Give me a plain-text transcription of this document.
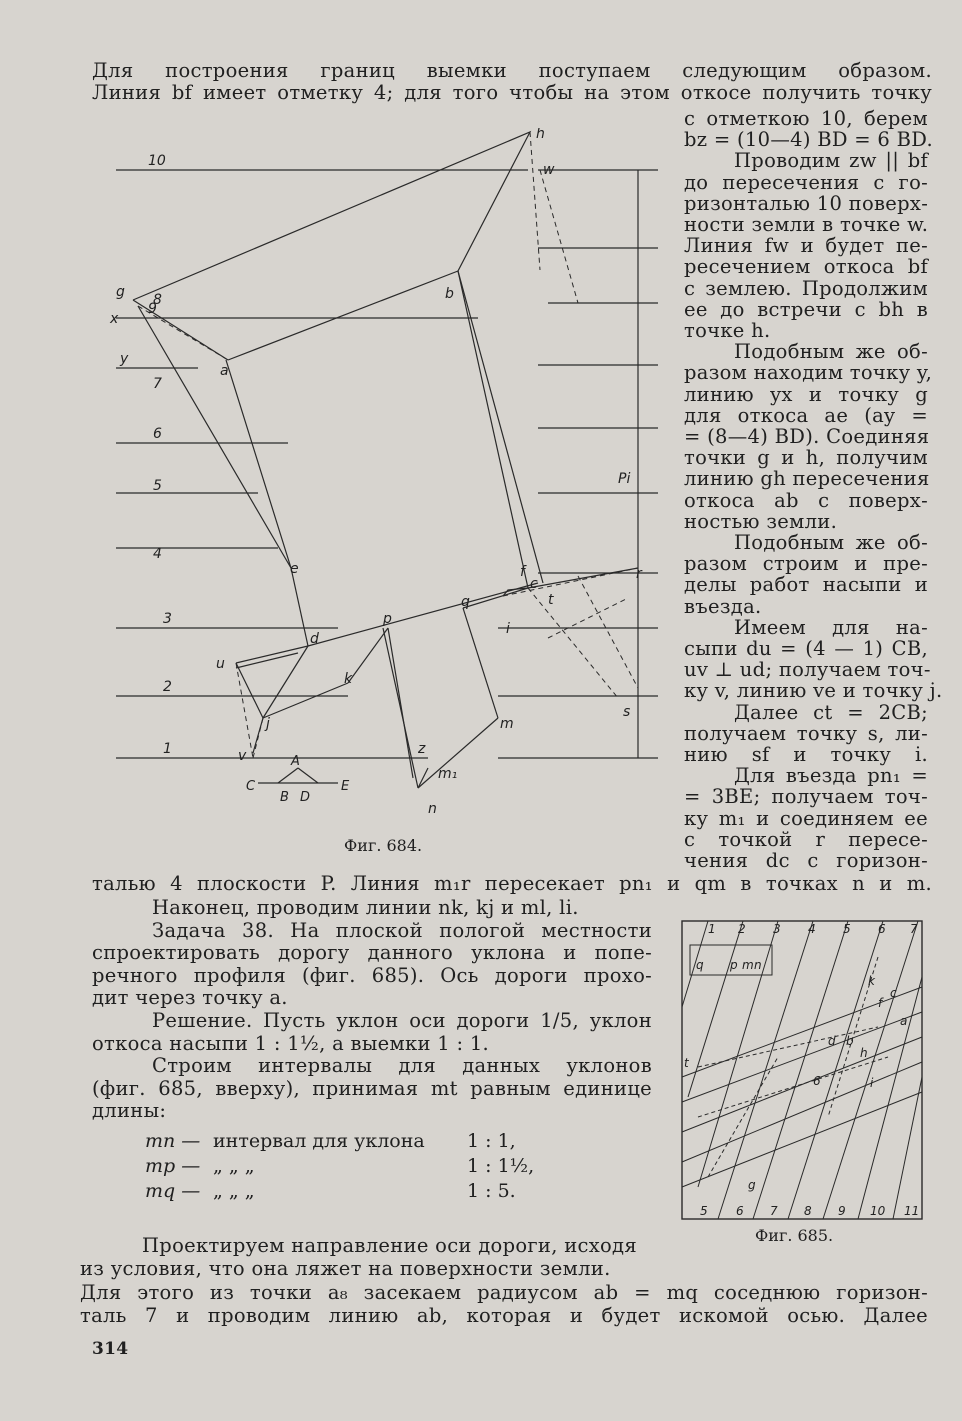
Для построения границ выемки поступаем следующим образом.
Линия bf имеет отметку 4; для того чтобы на этом откосе получить точку
с отметкою 10, берем
bz = (10—4) BD = 6 BD.
Проводим zw || bf
до пересечения с го-
ризонталью 10 поверх-
ности земли в точке w.
Линия fw и будет пе-
ресечением откоса bf
с землею. Продолжим
ее до встречи с bh в
точке h.
Подобным же об-
разом находим точку y,
линию yx и точку g
для откоса ae (ay =
= (8—4) BD). Соединяя
точки g и h, получим
линию gh пересечения
откоса ab с поверх-
ностью земли.
Подобным же об-
разом строим и пре-
делы работ насыпи и
въезда.
Имеем для на-
сыпи du = (4 — 1) CB,
uv ⊥ ud; получаем точ-
ку v, линию ve и точку j.
Далее ct = 2CB;
получаем точку s, ли-
нию sf и точку i.
Для въезда pn₁ =
= 3BE; получаем точ-
ку m₁ и соединяем ее
с точкой r пересе-
чения dc с горизон-
10
9
8
7
6
5
4
3
2
1
h
w
b
a
g
x
y
e	f
c
d
p
q
u
k
j	m
m₁
n
r
t
i
s
v	z
Pi
A
C
B D
E
Фиг. 684.
талью 4 плоскости P. Линия m₁r пересекает pn₁ и qm в точках n и m.
Наконец, проводим линии nk, kj и ml, li.
Задача 38. На плоской пологой местности
спроектировать дорогу данного уклона и попе-
речного профиля (фиг. 685). Ось дороги прохо-
дит через точку a.
Решение. Пусть уклон оси дороги 1/5, уклон
откоса насыпи 1 : 1½, а выемки 1 : 1.
Строим интервалы для данных уклонов
(фиг. 685, вверху), принимая mt равным единице
длины:
mn — интервал для уклона 1 : 1,
mp — „ „ „	1 : 1½,
mq — „ „ „	1 : 5.
1 2 3 4 5 6 7
5 6 7 8 9 10 11
q p m n
t
d b
a
g
i
k
c
f
h
6
Фиг. 685.
Проектируем направление оси дороги, исходя
из условия, что она ляжет на поверхности земли.
Для этого из точки a₈ засекаем радиусом ab = mq соседнюю горизон-
таль 7 и проводим линию ab, которая и будет искомой осью. Далее
314
